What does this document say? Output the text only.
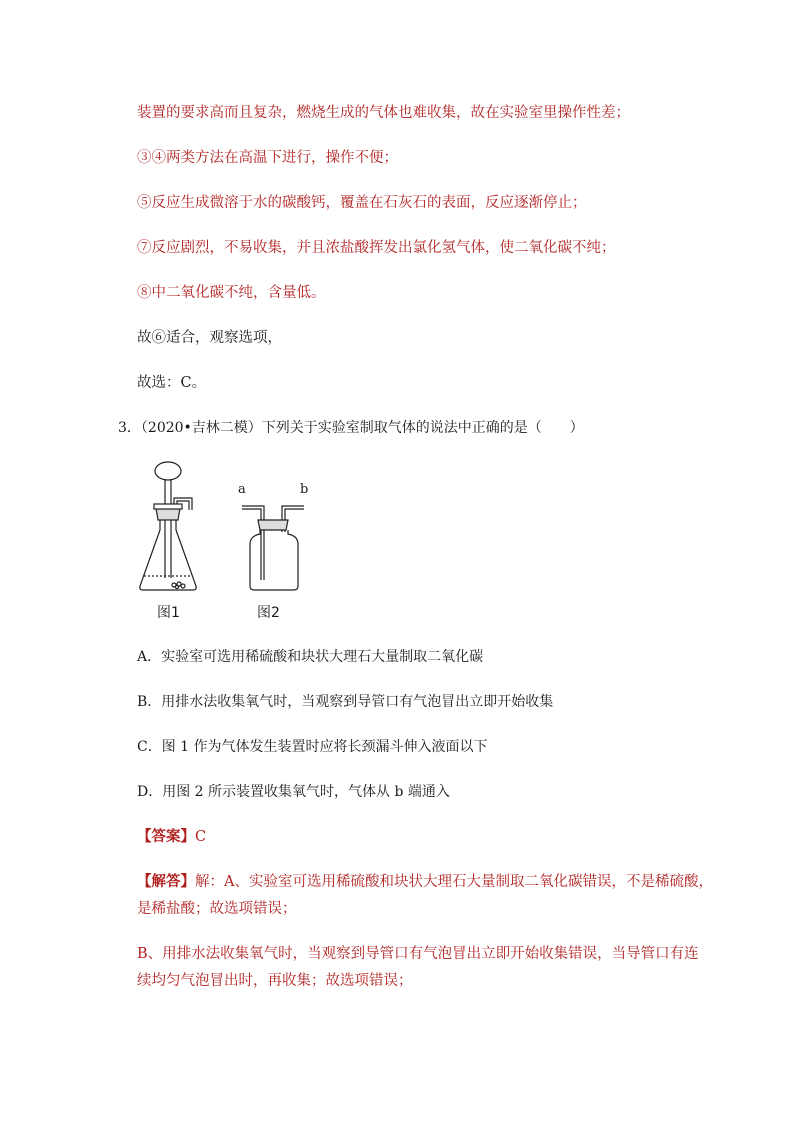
装置的要求高而且复杂，燃烧生成的气体也难收集，故在实验室里操作性差；
③④两类方法在高温下进行，操作不便；
⑤反应生成微溶于水的碳酸钙，覆盖在石灰石的表面，反应逐渐停止；
⑦反应剧烈，不易收集，并且浓盐酸挥发出氯化氢气体，使二氧化碳不纯；
⑧中二氧化碳不纯，含量低。
故⑥适合，观察选项，
故选：C。
3．（2020•吉林二模）下列关于实验室制取气体的说法中正确的是（　　）
图1
a	b
图2
A．实验室可选用稀硫酸和块状大理石大量制取二氧化碳
B．用排水法收集氧气时，当观察到导管口有气泡冒出立即开始收集
C．图 1 作为气体发生装置时应将长颈漏斗伸入液面以下
D．用图 2 所示装置收集氧气时，气体从 b 端通入
【答案】C
【解答】解：A、实验室可选用稀硫酸和块状大理石大量制取二氧化碳错误，不是稀硫酸，
是稀盐酸；故选项错误；
B、用排水法收集氧气时，当观察到导管口有气泡冒出立即开始收集错误，当导管口有连
续均匀气泡冒出时，再收集；故选项错误；
